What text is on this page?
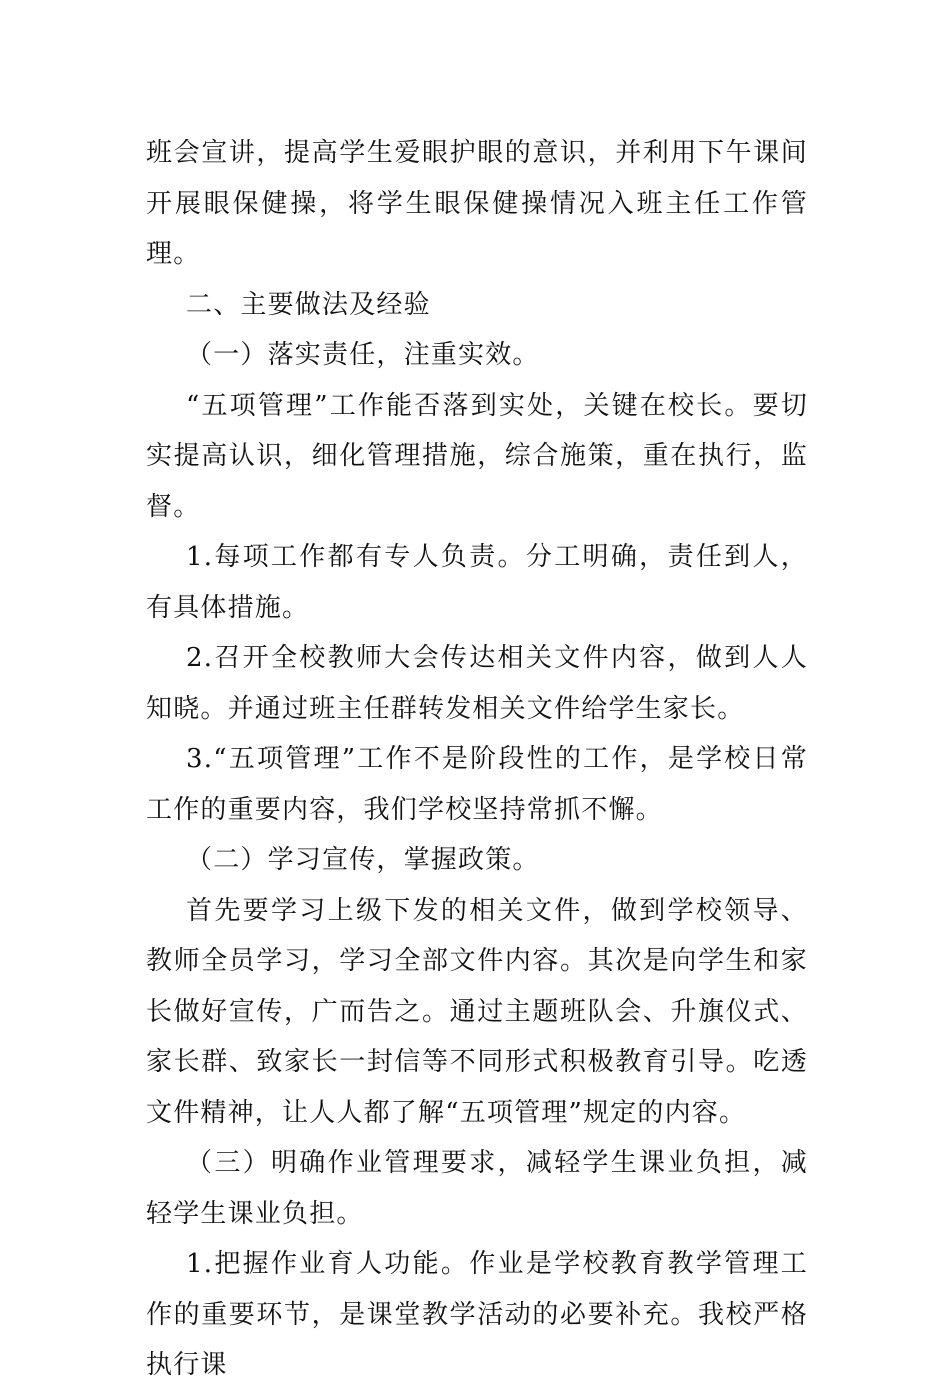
班会宣讲，提高学生爱眼护眼的意识，并利用下午课间开展眼保健操，将学生眼保健操情况入班主任工作管理。

二、主要做法及经验

（一）落实责任，注重实效。

“五项管理”工作能否落到实处，关键在校长。要切实提高认识，细化管理措施，综合施策，重在执行，监督。

1.每项工作都有专人负责。分工明确，责任到人，有具体措施。

2.召开全校教师大会传达相关文件内容，做到人人知晓。并通过班主任群转发相关文件给学生家长。

3.“五项管理”工作不是阶段性的工作，是学校日常工作的重要内容，我们学校坚持常抓不懈。

（二）学习宣传，掌握政策。

首先要学习上级下发的相关文件，做到学校领导、教师全员学习，学习全部文件内容。其次是向学生和家长做好宣传，广而告之。通过主题班队会、升旗仪式、家长群、致家长一封信等不同形式积极教育引导。吃透文件精神，让人人都了解“五项管理”规定的内容。

（三）明确作业管理要求，减轻学生课业负担，减轻学生课业负担。

1.把握作业育人功能。作业是学校教育教学管理工作的重要环节，是课堂教学活动的必要补充。我校严格执行课
